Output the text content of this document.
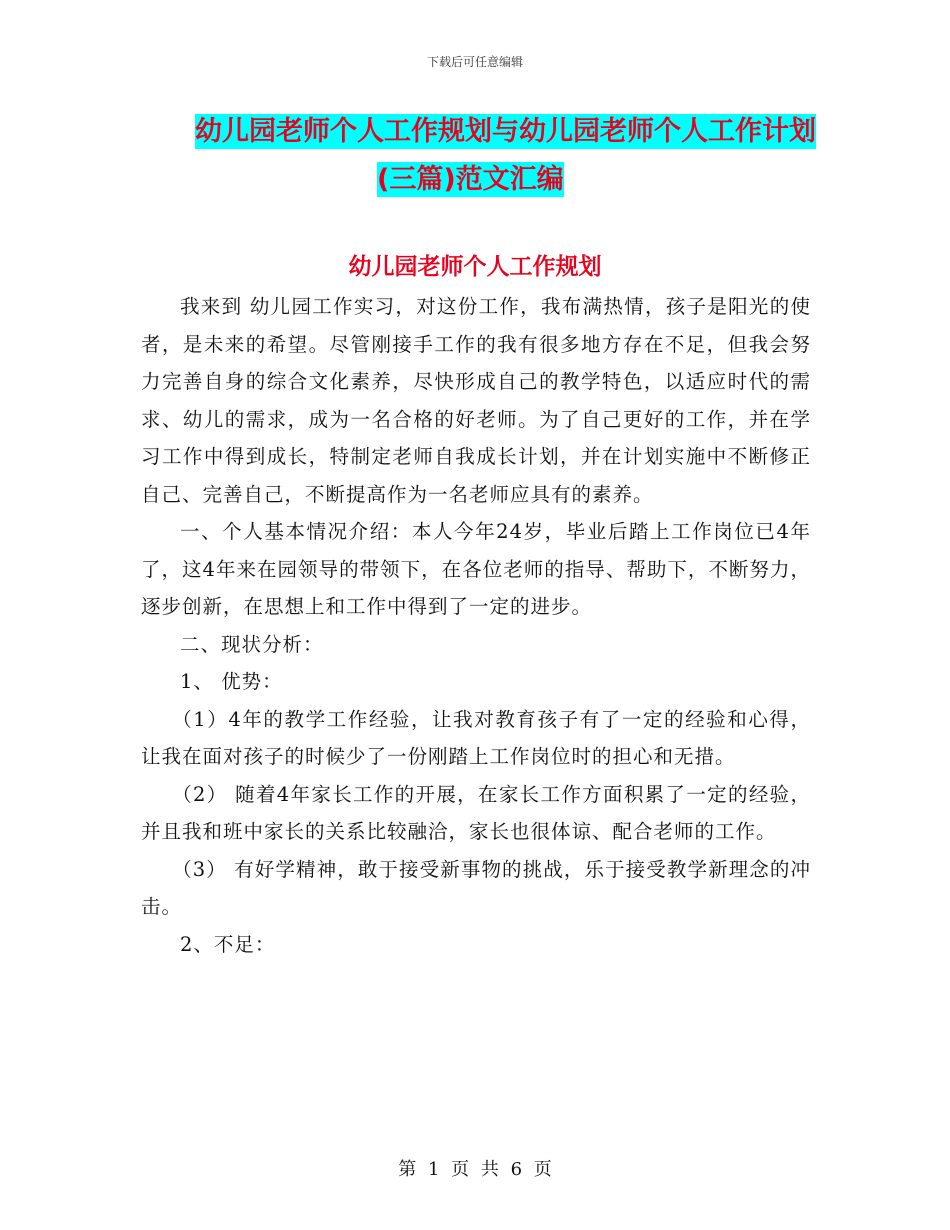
下载后可任意编辑
幼儿园老师个人工作规划与幼儿园老师个人工作计划
(三篇)范文汇编
幼儿园老师个人工作规划

我来到 幼儿园工作实习，对这份工作，我布满热情，孩子是阳光的使者，是未来的希望。尽管刚接手工作的我有很多地方存在不足，但我会努力完善自身的综合文化素养，尽快形成自己的教学特色，以适应时代的需求、幼儿的需求，成为一名合格的好老师。为了自己更好的工作，并在学习工作中得到成长，特制定老师自我成长计划，并在计划实施中不断修正自己、完善自己，不断提高作为一名老师应具有的素养。

一、个人基本情况介绍：本人今年24岁，毕业后踏上工作岗位已4年了，这4年来在园领导的带领下，在各位老师的指导、帮助下，不断努力，逐步创新，在思想上和工作中得到了一定的进步。

二、现状分析：

1、 优势：

（1）4年的教学工作经验，让我对教育孩子有了一定的经验和心得，让我在面对孩子的时候少了一份刚踏上工作岗位时的担心和无措。

（2） 随着4年家长工作的开展，在家长工作方面积累了一定的经验，并且我和班中家长的关系比较融洽，家长也很体谅、配合老师的工作。

（3） 有好学精神，敢于接受新事物的挑战，乐于接受教学新理念的冲击。

2、不足：

第 1 页 共 6 页
